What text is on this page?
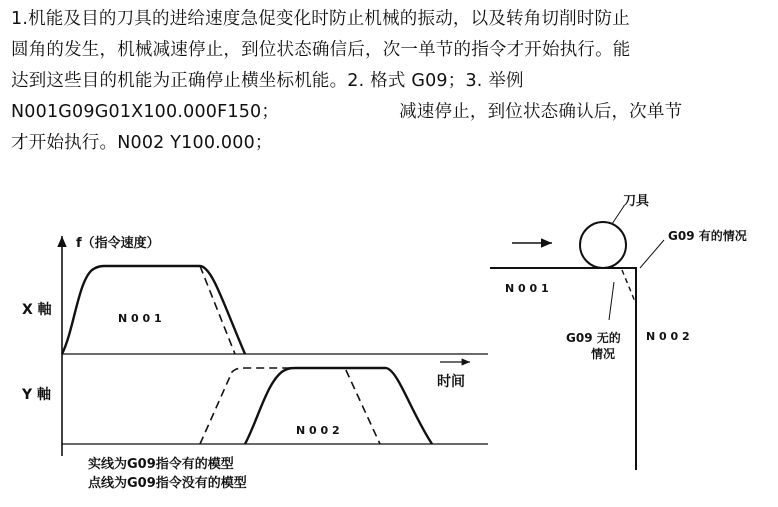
1.机能及目的刀具的进给速度急促变化时防止机械的振动，以及转角切削时防止
圆角的发生，机械减速停止，到位状态确信后，次一单节的指令才开始执行。能
达到这些目的机能为正确停止横坐标机能。2. 格式 G09；3. 举例
N001G09G01X100.000F150；	减速停止，到位状态确认后，次单节
才开始执行。N002 Y100.000；
f（指令速度）
时间
X 軸
Y 軸
N 0 0 1
N 0 0 2
刀具
G09 有的情况
G09 无的
情况
N 0 0 1
N 0 0 2
实线为G09指令有的模型
点线为G09指令没有的模型
